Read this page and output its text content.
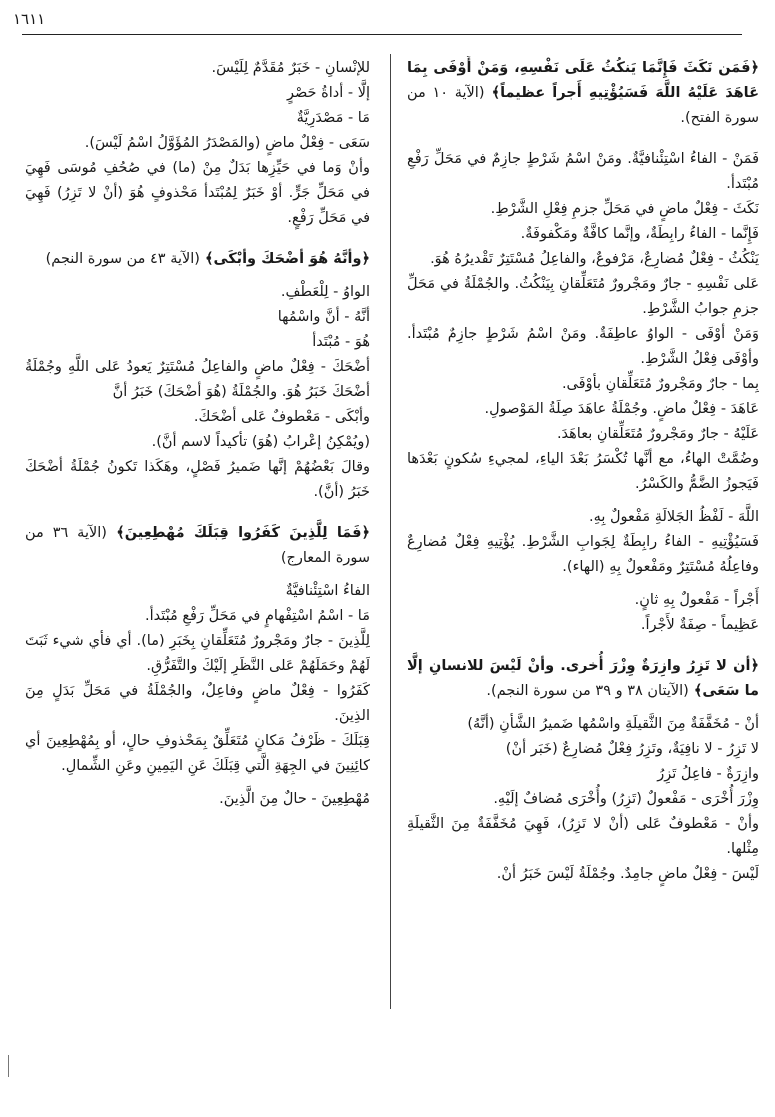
١٦١١

﴿فَمَن نَكَثَ فَإِنَّمَا يَنكُثُ عَلَى نَفْسِهِ، وَمَنْ أَوْفَى بِمَا عَاهَدَ عَلَيْهُ اللَّهَ فَسَيُؤْتِيهِ أَجراً عظيماً﴾ (الآية ١٠ من سورة الفتح).

فَمَنْ - الفاءُ اسْتِئْنافيَّةٌ. ومَنْ اسْمُ شَرْطٍ جازِمٌ في مَحَلِّ رَفْعِ مُبْتَدأ.

نَكَثَ - فِعْلٌ ماضٍ في مَحَلِّ جزمِ فِعْلِ الشَّرْطِ.

فَإِنَّما - الفاءُ رابِطَةٌ، وإنَّما كافَّةٌ ومَكْفوفَةٌ.

يَنْكُثُ - فِعْلٌ مُضارِعٌ، مَرْفوعٌ، والفاعِلُ مُسْتَتِرٌ تَقْديرُهُ هُوَ.

عَلى نَفْسِهِ - جارٌ ومَجْرورٌ مُتَعَلِّقانِ بِيَنْكُثُ. والجُمْلَةُ في مَحَلِّ جزمِ جوابُ الشَّرْطِ.

وَمَنْ أوْفَى - الواوُ عاطِفَةٌ. ومَنْ اسْمُ شَرْطٍ جازِمٌ مُبْتَدأ. وأوْفَى فِعْلُ الشَّرْطِ.

بِما - جارٌ ومَجْرورٌ مُتَعَلِّقانِ بأوْفَى.

عَاهَدَ - فِعْلٌ ماضٍ. وجُمْلَةُ عاهَدَ صِلَةُ المَوْصولِ.

عَلَيْهُ - جارٌ ومَجْرورٌ مُتَعَلِّقانِ بعاهَدَ.

وضُمَّتْ الهاءُ، مع أنَّها تُكْسَرُ بَعْدَ الياءِ، لمجيءِ سُكونٍ بَعْدَها فَيَجوزُ الضَّمُّ والكَسْرُ.

اللَّهَ - لَفْظُ الجَلالَةِ مَفْعولٌ بِهِ.

فَسَيُؤْتِيهِ - الفاءُ رابِطَةٌ لِجَوابِ الشَّرْطِ. يُؤْتِيهِ فِعْلٌ مُضارِعٌ وفاعِلُهُ مُسْتَتِرٌ ومَفْعولٌ بِهِ (الهاء).

أَجْراً - مَفْعولٌ بِهِ ثانٍ.

عَظِيماً - صِفَةٌ لأَجْراً.

﴿أن لا تَزِرُ وازِرَةٌ وِزْرَ أُخرى. وأنْ لَيْسَ للانسانِ إلَّا ما سَعَى﴾ (الآيتان ٣٨ و ٣٩ من سورة النجم).

أنْ - مُخَفَّفَةٌ مِنَ الثَّقيلَةِ واسْمُها ضَميرُ الشَّأنِ (أنَّهُ)

لا تَزِرُ - لا نافِيَةٌ، وتَزِرُ فِعْلٌ مُضارِعٌ (خَبَر أنْ)

وازِرَةٌ - فاعِلُ تَزِرُ

وِزْرَ أُخْرَى - مَفْعولٌ (تَزِرُ) وأُخْرَى مُضافٌ إلَيْهِ.

وأنْ - مَعْطوفٌ عَلى (أنْ لا تَزِرُ)، فَهِيَ مُخَفَّفَةٌ مِنَ الثَّقيلَةِ مِثْلها.

لَيْسَ - فِعْلٌ ماضٍ جامِدٌ. وجُمْلَةُ لَيْسَ خَبَرُ أنْ.

للإنْسانِ - خَبَرٌ مُقَدَّمٌ لِلَيْسَ.

إلَّا - أداةُ حَصْرٍ

مَا - مَصْدَرِيَّةٌ

سَعَى - فِعْلٌ ماضٍ (والمَصْدَرُ المُؤَوَّلُ اسْمُ لَيْسَ).

وأنْ وَما في حَيِّزِها بَدَلٌ مِنْ (ما) في صُحُفِ مُوسَى فَهِيَ في مَحَلِّ جَرٍّ. أوْ خَبَرٌ لِمُبْتَدأ مَحْذوفٍ هُوَ (أنْ لا تَزِرُ) فَهِيَ في مَحَلِّ رَفْعٍ.

﴿وأنَّهُ هُوَ أضْحَكَ وأبْكَى﴾ (الآية ٤٣ من سورة النجم)

الواوُ - لِلْعَطْفِ.

أنَّهُ - أنَّ واسْمُها

هُوَ - مُبْتَدأ

أضْحَكَ - فِعْلٌ ماضٍ والفاعِلُ مُسْتَتِرٌ يَعودُ عَلى اللَّهِ وجُمْلَةُ أضْحَكَ خَبَرُ هُوَ. والجُمْلَةُ (هُوَ أضْحَكَ) خَبَرُ أنَّ

وأبْكَى - مَعْطوفٌ عَلى أضْحَكَ.

(ويُمْكِنُ إعْرابُ (هُوَ) تأكيداً لاسم أنَّ).

وقالَ بَعْضُهُمْ إنَّها ضَميرُ فَصْلٍ، وهَكَذا تَكونُ جُمْلَةُ أضْحَكَ خَبَرُ (أنَّ).

﴿فَمَا لِلَّذِينَ كَفَرُوا قِبَلَكَ مُهْطِعِينَ﴾ (الآية ٣٦ من سورة المعارج)

الفاءُ اسْتِئْنافيَّةٌ

مَا - اسْمُ اسْتِفْهامٍ في مَحَلِّ رَفْعِ مُبْتَدأ.

لِلَّذِينَ - جارٌ ومَجْرورٌ مُتَعَلِّقانِ بِخَبَرِ (ما). أي فأي شيء ثَبَتَ لَهُمْ وحَمَلَهُمْ عَلى النَّظَرِ إلَيْكَ والتَّفَرُّقِ.

كَفَرُوا - فِعْلٌ ماضٍ وفاعِلٌ، والجُمْلَةُ في مَحَلِّ بَدَلٍ مِنَ الذِينَ.

قِبَلَكَ - ظَرْفُ مَكانٍ مُتَعَلِّقٌ بِمَحْذوفِ حالٍ، أو بِمُهْطِعِينَ أي كائِنِينَ في الجِهَةِ الَّتي قِبَلَكَ عَنِ اليَمِينِ وعَنِ الشِّمالِ.

مُهْطِعِينَ - حالٌ مِنَ الَّذِينَ.
